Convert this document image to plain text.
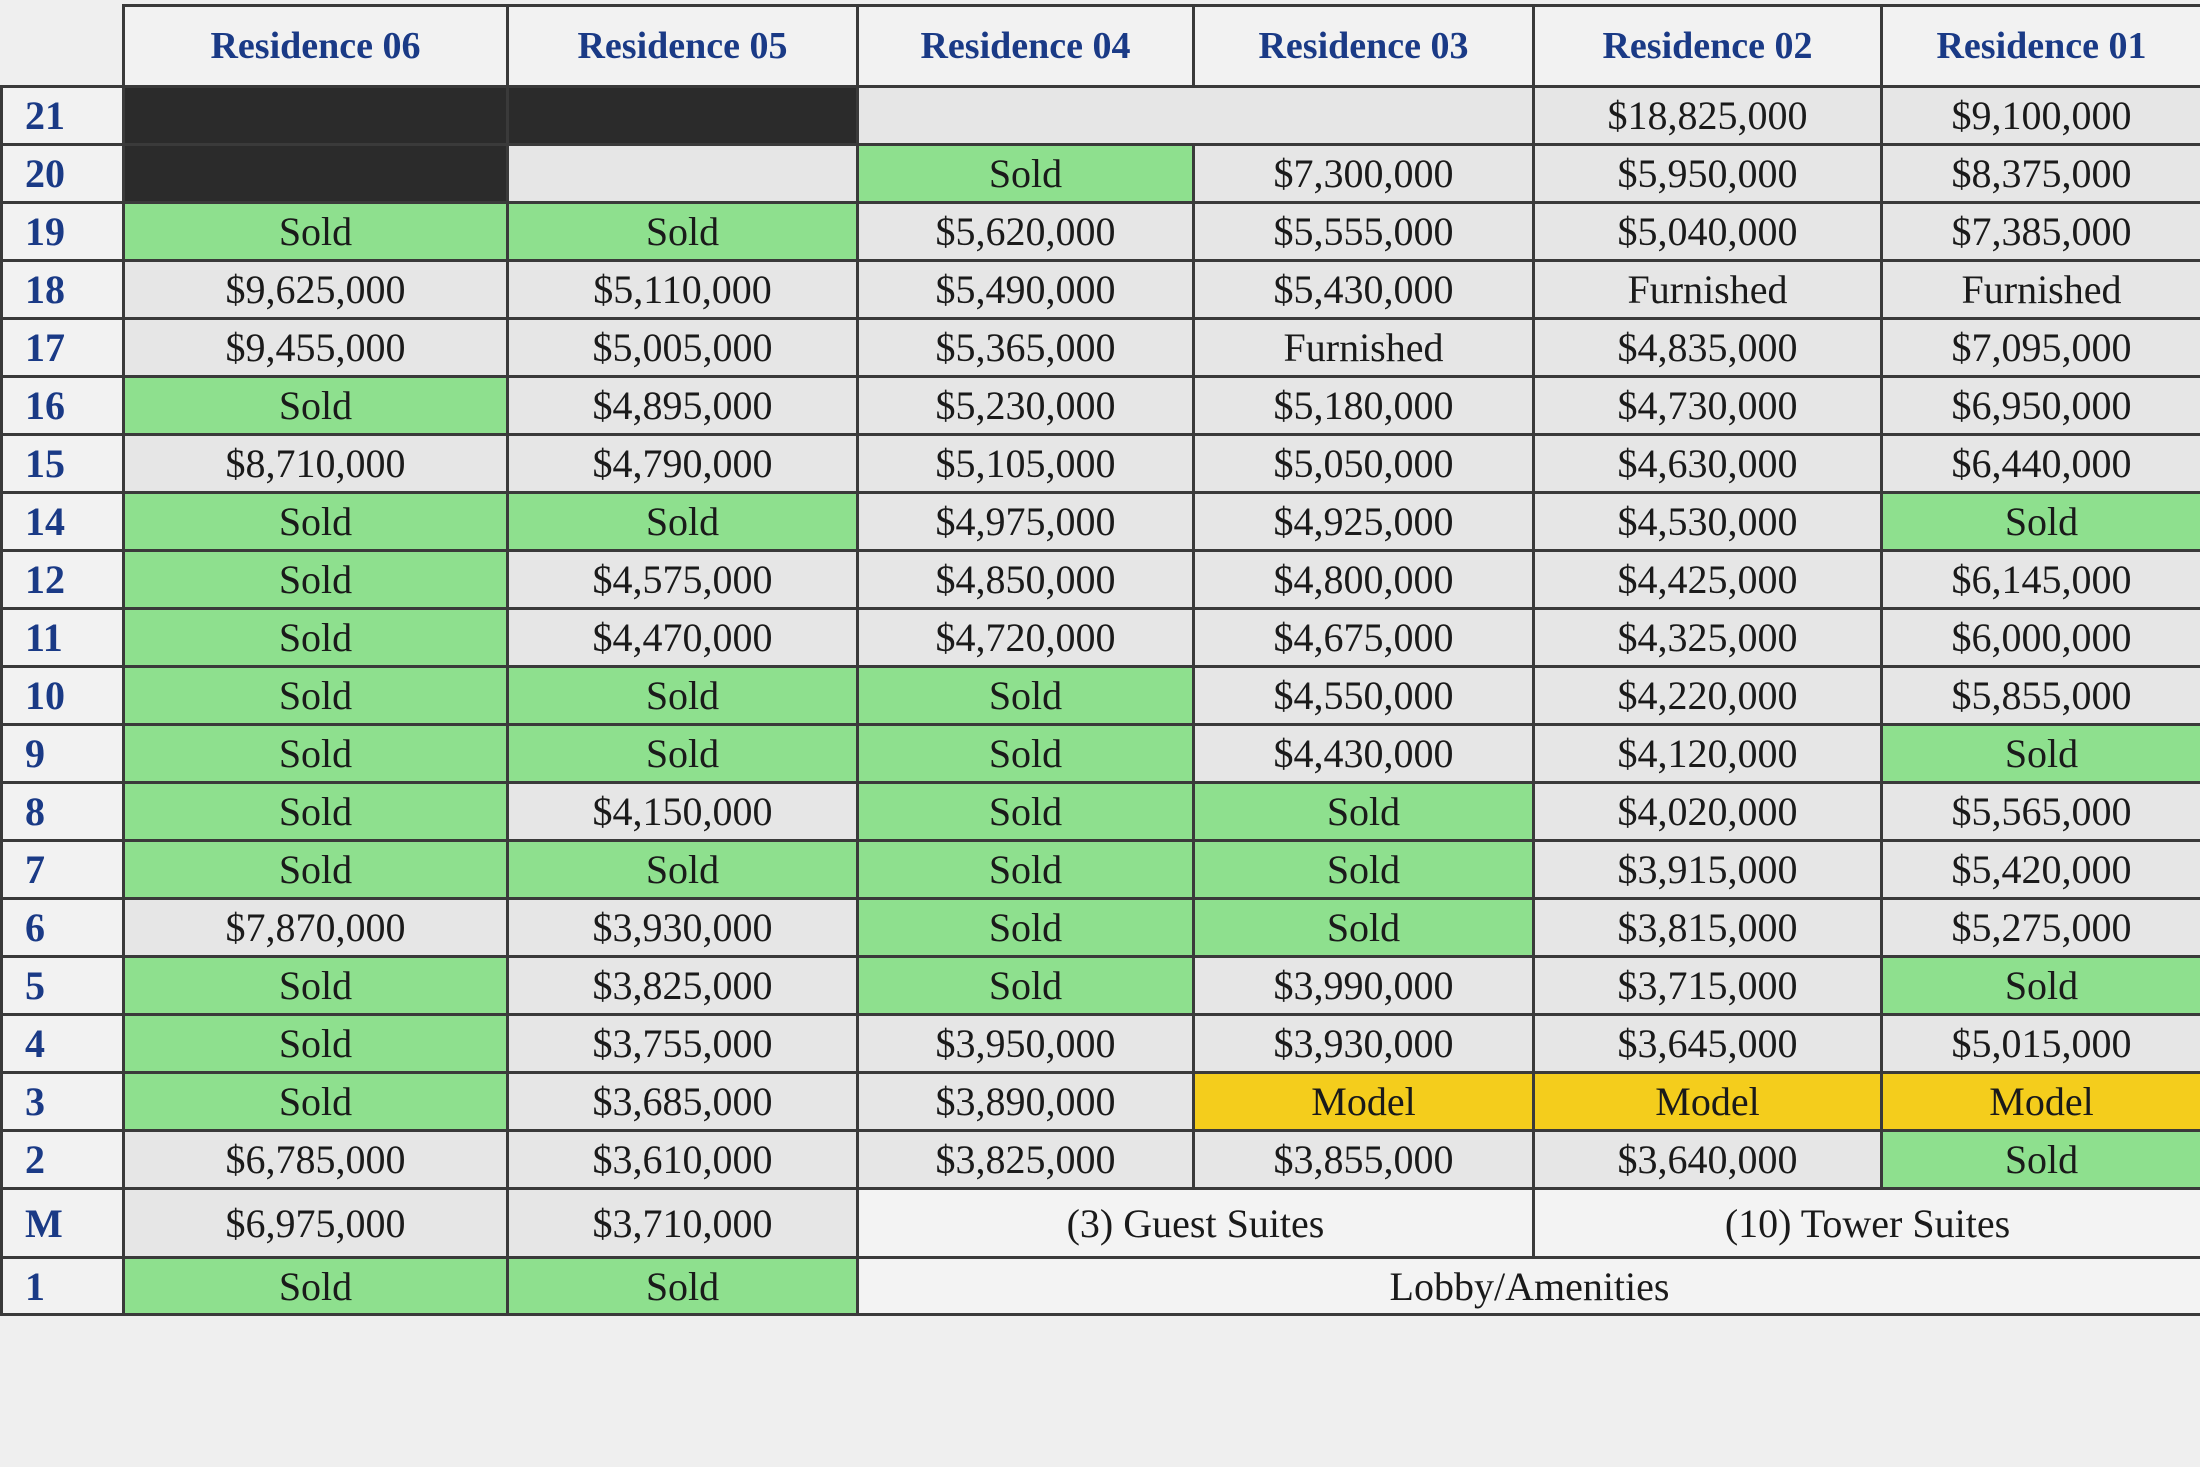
	Residence 06	Residence 05	Residence 04	Residence 03	Residence 02	Residence 01
21					$18,825,000	$9,100,000
20			Sold	$7,300,000	$5,950,000	$8,375,000
19	Sold	Sold	$5,620,000	$5,555,000	$5,040,000	$7,385,000
18	$9,625,000	$5,110,000	$5,490,000	$5,430,000	Furnished	Furnished
17	$9,455,000	$5,005,000	$5,365,000	Furnished	$4,835,000	$7,095,000
16	Sold	$4,895,000	$5,230,000	$5,180,000	$4,730,000	$6,950,000
15	$8,710,000	$4,790,000	$5,105,000	$5,050,000	$4,630,000	$6,440,000
14	Sold	Sold	$4,975,000	$4,925,000	$4,530,000	Sold
12	Sold	$4,575,000	$4,850,000	$4,800,000	$4,425,000	$6,145,000
11	Sold	$4,470,000	$4,720,000	$4,675,000	$4,325,000	$6,000,000
10	Sold	Sold	Sold	$4,550,000	$4,220,000	$5,855,000
9	Sold	Sold	Sold	$4,430,000	$4,120,000	Sold
8	Sold	$4,150,000	Sold	Sold	$4,020,000	$5,565,000
7	Sold	Sold	Sold	Sold	$3,915,000	$5,420,000
6	$7,870,000	$3,930,000	Sold	Sold	$3,815,000	$5,275,000
5	Sold	$3,825,000	Sold	$3,990,000	$3,715,000	Sold
4	Sold	$3,755,000	$3,950,000	$3,930,000	$3,645,000	$5,015,000
3	Sold	$3,685,000	$3,890,000	Model	Model	Model
2	$6,785,000	$3,610,000	$3,825,000	$3,855,000	$3,640,000	Sold
M	$6,975,000	$3,710,000	(3) Guest Suites		(10) Tower Suites	
1	Sold	Sold	Lobby/Amenities			
